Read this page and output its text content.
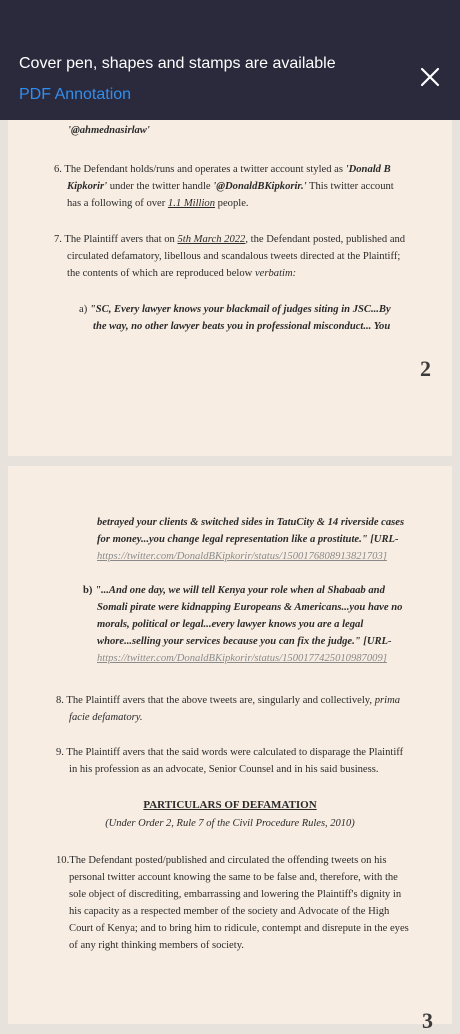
Cover pen, shapes and stamps are available
PDF Annotation
'@ahmednasirlaw'
6. The Defendant holds/runs and operates a twitter account styled as 'Donald B
Kipkorir' under the twitter handle '@DonaldBKipkorir.' This twitter account
has a following of over 1.1 Million people.
7. The Plaintiff avers that on 5th March 2022, the Defendant posted, published and
circulated defamatory, libellous and scandalous tweets directed at the Plaintiff;
the contents of which are reproduced below verbatim:
a) "SC, Every lawyer knows your blackmail of judges siting in JSC...By
the way, no other lawyer beats you in professional misconduct... You
2
betrayed your clients & switched sides in TatuCity & 14 riverside cases
for money...you change legal representation like a prostitute." [URL-
https://twitter.com/DonaldBKipkorir/status/1500176808913821703]
b) "...And one day, we will tell Kenya your role when al Shabaab and
Somali pirate were kidnapping Europeans & Americans...you have no
morals, political or legal...every lawyer knows you are a legal
whore...selling your services because you can fix the judge." [URL-
https://twitter.com/DonaldBKipkorir/status/1500177425010987009]
8. The Plaintiff avers that the above tweets are, singularly and collectively, prima
facie defamatory.
9. The Plaintiff avers that the said words were calculated to disparage the Plaintiff
in his profession as an advocate, Senior Counsel and in his said business.
PARTICULARS OF DEFAMATION
(Under Order 2, Rule 7 of the Civil Procedure Rules, 2010)
10.The Defendant posted/published and circulated the offending tweets on his
personal twitter account knowing the same to be false and, therefore, with the
sole object of discrediting, embarrassing and lowering the Plaintiff's dignity in
his capacity as a respected member of the society and Advocate of the High
Court of Kenya; and to bring him to ridicule, contempt and disrepute in the eyes
of any right thinking members of society.
3
